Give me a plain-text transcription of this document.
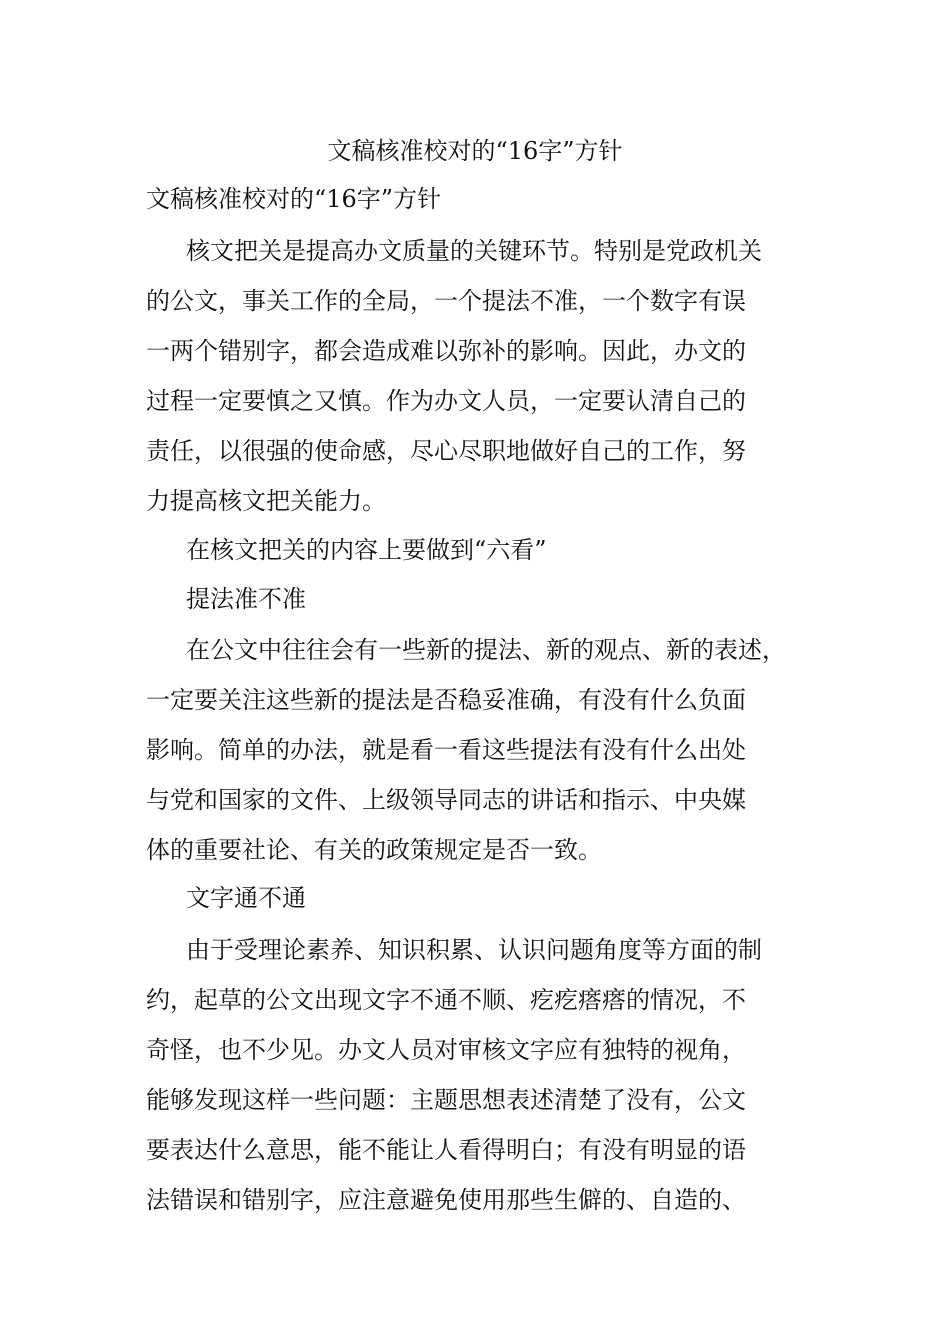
文稿核准校对的“16字”方针

文稿核准校对的“16字”方针

核文把关是提高办文质量的关键环节。特别是党政机关

的公文，事关工作的全局，一个提法不准，一个数字有误

一两个错别字，都会造成难以弥补的影响。因此，办文的

过程一定要慎之又慎。作为办文人员，一定要认清自己的

责任，以很强的使命感，尽心尽职地做好自己的工作，努

力提高核文把关能力。

在核文把关的内容上要做到“六看”

提法准不准

在公文中往往会有一些新的提法、新的观点、新的表述，

一定要关注这些新的提法是否稳妥准确，有没有什么负面

影响。简单的办法，就是看一看这些提法有没有什么出处

与党和国家的文件、上级领导同志的讲话和指示、中央媒

体的重要社论、有关的政策规定是否一致。

文字通不通

由于受理论素养、知识积累、认识问题角度等方面的制

约，起草的公文出现文字不通不顺、疙疙瘩瘩的情况，不

奇怪，也不少见。办文人员对审核文字应有独特的视角，

能够发现这样一些问题：主题思想表述清楚了没有，公文

要表达什么意思，能不能让人看得明白；有没有明显的语

法错误和错别字，应注意避免使用那些生僻的、自造的、
